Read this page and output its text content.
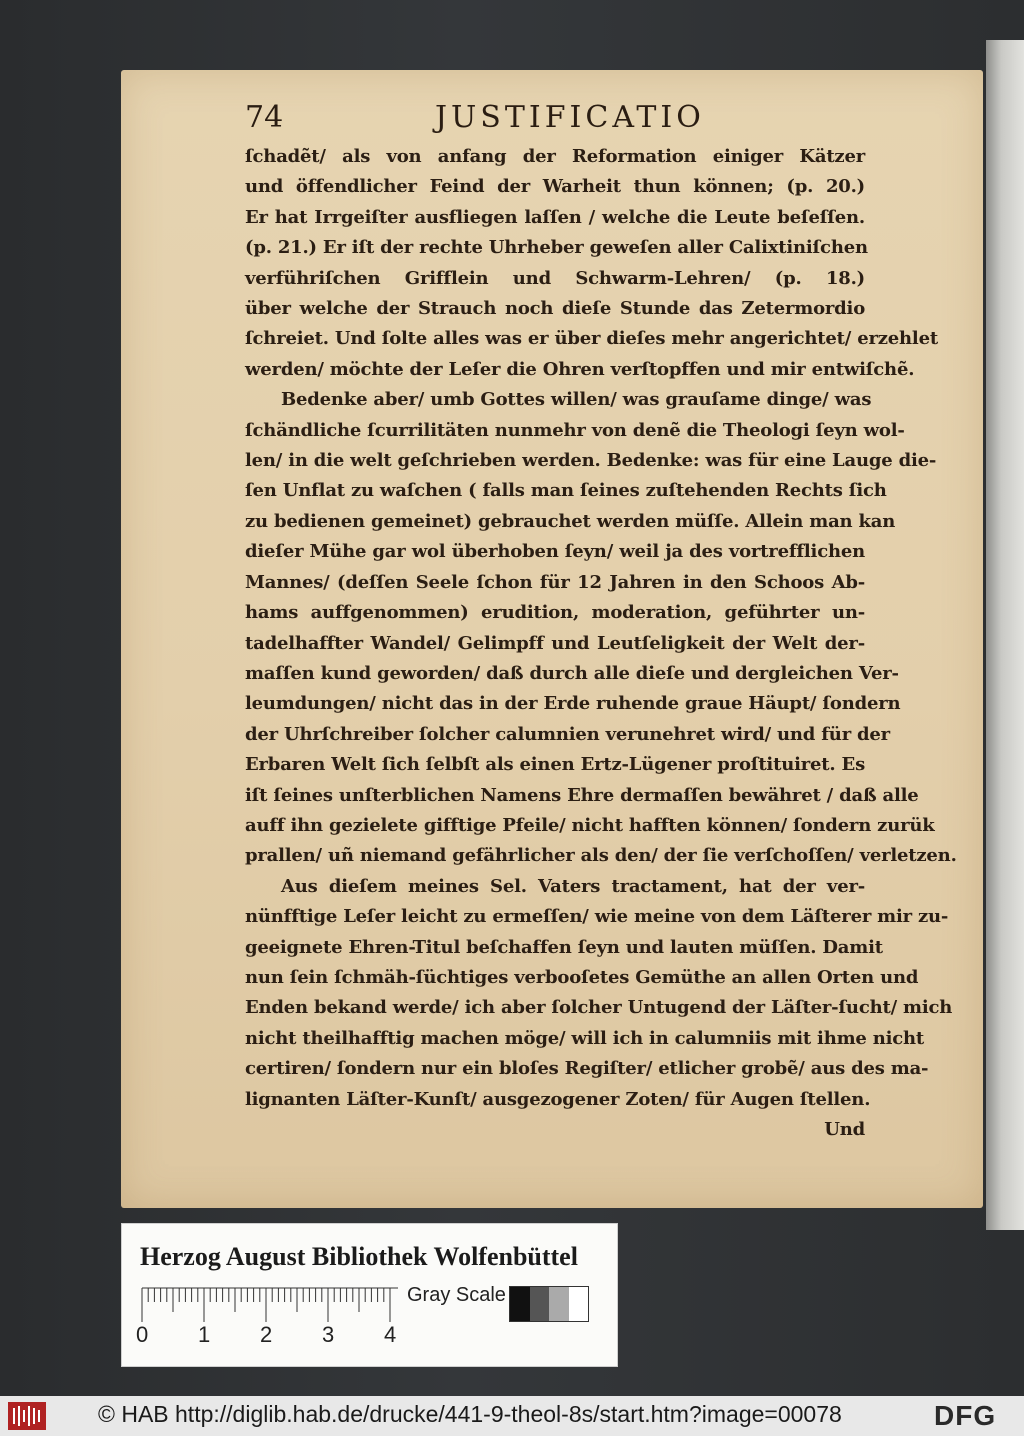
74	JUSTIFICATIO
ſchadẽt/ als von anfang der Reformation einiger Kätzer
und öffendlicher Feind der Warheit thun können; (p. 20.)
Er hat Irrgeiſter ausfliegen laſſen / welche die Leute beſeſſen.
(p. 21.) Er iſt der rechte Uhrheber geweſen aller Calixtiniſchen
verführiſchen Grifflein und Schwarm-Lehren/ (p. 18.)
über welche der Strauch noch dieſe Stunde das Zetermordio
ſchreiet. Und ſolte alles was er über dieſes mehr angerichtet/ erzehlet
werden/ möchte der Leſer die Ohren verſtopffen und mir entwiſchẽ.
Bedenke aber/ umb Gottes willen/ was grauſame dinge/ was
ſchändliche ſcurrilitäten nunmehr von denẽ die Theologi ſeyn wol-
len/ in die welt geſchrieben werden. Bedenke: was für eine Lauge die-
ſen Unflat zu waſchen ( falls man ſeines zuſtehenden Rechts ſich
zu bedienen gemeinet) gebrauchet werden müſſe. Allein man kan
dieſer Mühe gar wol überhoben ſeyn/ weil ja des vortrefflichen
Mannes/ (deſſen Seele ſchon für 12 Jahren in den Schoos Ab-
hams auffgenommen) erudition, moderation, geführter un-
tadelhaffter Wandel/ Gelimpff und Leutſeligkeit der Welt der-
maſſen kund geworden/ daß durch alle dieſe und dergleichen Ver-
leumdungen/ nicht das in der Erde ruhende graue Häupt/ ſondern
der Uhrſchreiber ſolcher calumnien verunehret wird/ und für der
Erbaren Welt ſich ſelbſt als einen Ertz-Lügener proſtituiret. Es
iſt ſeines unſterblichen Namens Ehre dermaſſen bewähret / daß alle
auff ihn gezielete gifftige Pfeile/ nicht hafften können/ ſondern zurük
prallen/ uñ niemand gefährlicher als den/ der ſie verſchoſſen/ verletzen.
Aus dieſem meines Sel. Vaters tractament, hat der ver-
nünfftige Leſer leicht zu ermeſſen/ wie meine von dem Läſterer mir zu-
geeignete Ehren-Titul beſchaffen ſeyn und lauten müſſen. Damit
nun ſein ſchmäh-ſüchtiges verbooſetes Gemüthe an allen Orten und
Enden bekand werde/ ich aber ſolcher Untugend der Läſter-ſucht/ mich
nicht theilhafftig machen möge/ will ich in calumniis mit ihme nicht
certiren/ ſondern nur ein bloſes Regiſter/ etlicher grobẽ/ aus des ma-
lignanten Läſter-Kunſt/ ausgezogener Zoten/ für Augen ſtellen.
Und
Herzog August Bibliothek Wolfenbüttel
0 1 2 3 4
Gray Scale
© HAB http://diglib.hab.de/drucke/441-9-theol-8s/start.htm?image=00078	DFG
